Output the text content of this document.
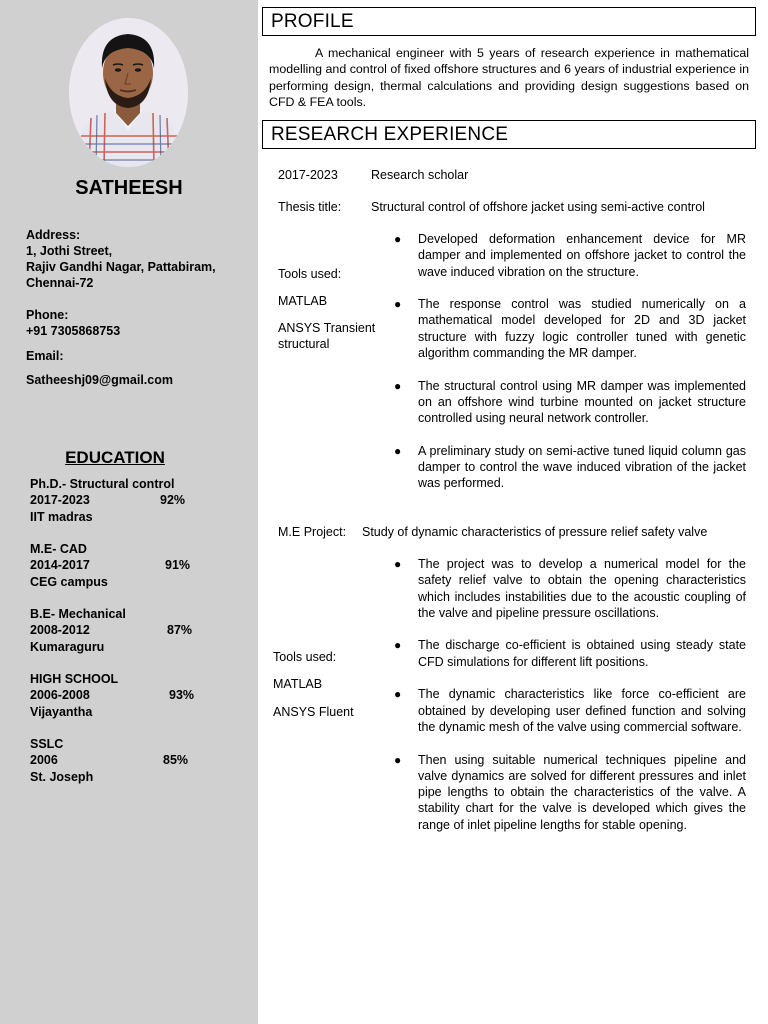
SATHEESH
Address:
1, Jothi Street,
Rajiv Gandhi Nagar, Pattabiram,
Chennai-72
Phone:
+91 7305868753
Email:
Satheeshj09@gmail.com
EDUCATION
Ph.D.- Structural control
2017-2023	92%
IIT madras
M.E- CAD
2014-2017	91%
CEG campus
B.E- Mechanical
2008-2012	87%
Kumaraguru
HIGH SCHOOL
2006-2008	93%
Vijayantha
SSLC
2006	85%
St. Joseph
PROFILE
A mechanical engineer with 5 years of research experience in mathematical modelling and control of fixed offshore structures and 6 years of industrial experience in performing design, thermal calculations and providing design suggestions based on CFD & FEA tools.
RESEARCH EXPERIENCE
2017-2023	Research scholar
Thesis title: Structural control of offshore jacket using semi-active control
Tools used:
MATLAB
ANSYS Transient structural
● Developed deformation enhancement device for MR damper and implemented on offshore jacket to control the wave induced vibration on the structure.
● The response control was studied numerically on a mathematical model developed for 2D and 3D jacket structure with fuzzy logic controller tuned with genetic algorithm commanding the MR damper.
● The structural control using MR damper was implemented on an offshore wind turbine mounted on jacket structure controlled using neural network controller.
● A preliminary study on semi-active tuned liquid column gas damper to control the wave induced vibration of the jacket was performed.
M.E Project: Study of dynamic characteristics of pressure relief safety valve
Tools used:
MATLAB
ANSYS Fluent
● The project was to develop a numerical model for the safety relief valve to obtain the opening characteristics which includes instabilities due to the acoustic coupling of the valve and pipeline pressure oscillations.
● The discharge co-efficient is obtained using steady state CFD simulations for different lift positions.
● The dynamic characteristics like force co-efficient are obtained by developing user defined function and solving the dynamic mesh of the valve using commercial software.
● Then using suitable numerical techniques pipeline and valve dynamics are solved for different pressures and inlet pipe lengths to obtain the characteristics of the valve. A stability chart for the valve is developed which gives the range of inlet pipeline lengths for stable opening.
